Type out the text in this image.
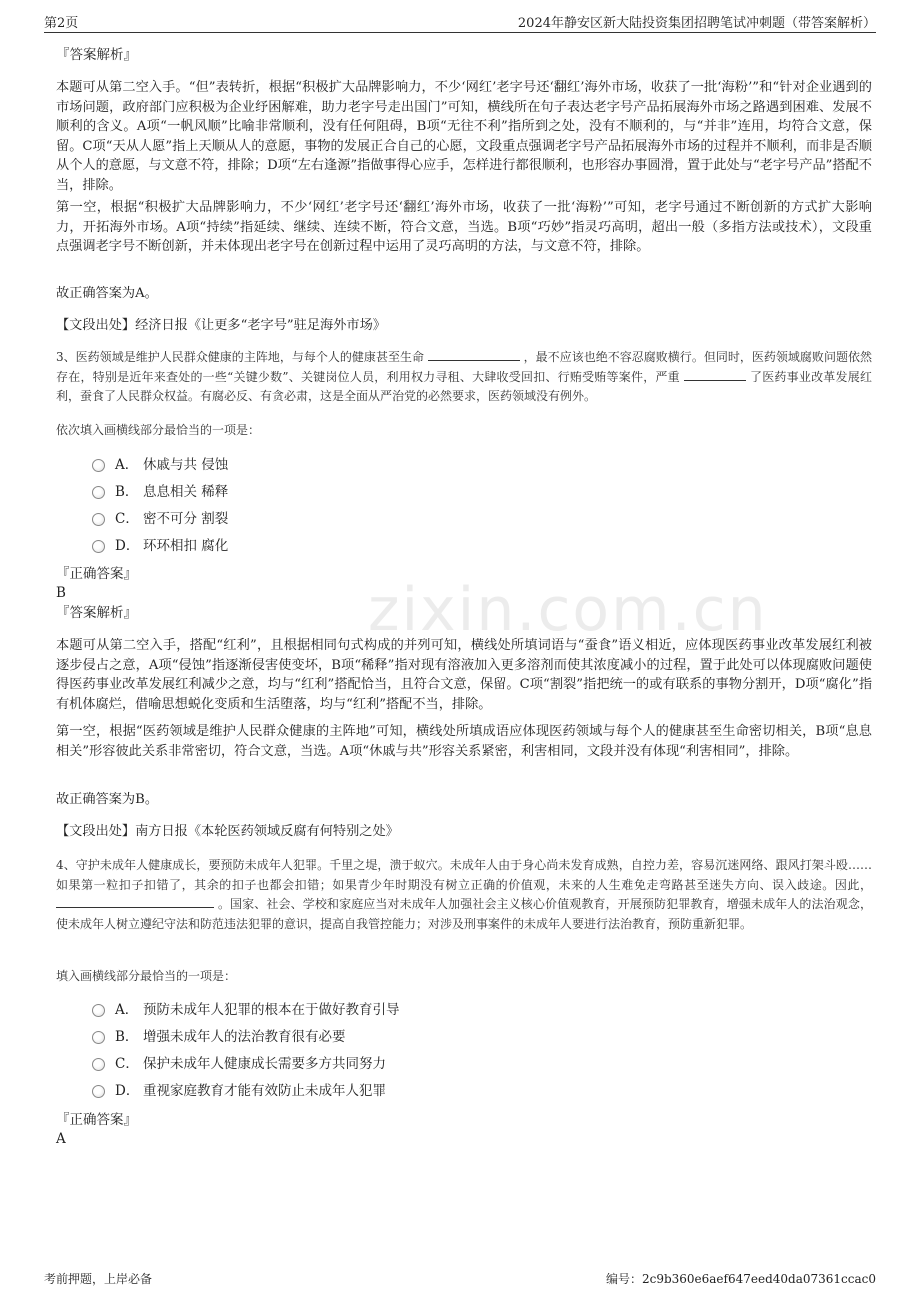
第2页	2024年静安区新大陆投资集团招聘笔试冲刺题（带答案解析）
zixin.com.cn
『答案解析』
本题可从第二空入手。“但”表转折，根据“积极扩大品牌影响力，不少‘网红’老字号还‘翻红’海外市场，收获了一批‘海粉’”和“针对企业遇到的市场问题，政府部门应积极为企业纾困解难，助力老字号走出国门”可知，横线所在句子表达老字号产品拓展海外市场之路遇到困难、发展不顺利的含义。A项“一帆风顺”比喻非常顺利，没有任何阻碍，B项“无往不利”指所到之处，没有不顺利的，与“并非”连用，均符合文意，保留。C项“天从人愿”指上天顺从人的意愿，事物的发展正合自己的心愿，文段重点强调老字号产品拓展海外市场的过程并不顺利，而非是否顺从个人的意愿，与文意不符，排除；D项“左右逢源”指做事得心应手，怎样进行都很顺利，也形容办事圆滑，置于此处与“老字号产品”搭配不当，排除。
第一空，根据“积极扩大品牌影响力，不少‘网红’老字号还‘翻红’海外市场，收获了一批‘海粉’”可知，老字号通过不断创新的方式扩大影响力，开拓海外市场。A项“持续”指延续、继续、连续不断，符合文意，当选。B项“巧妙”指灵巧高明，超出一般（多指方法或技术），文段重点强调老字号不断创新，并未体现出老字号在创新过程中运用了灵巧高明的方法，与文意不符，排除。
故正确答案为A。
【文段出处】经济日报《让更多“老字号”驻足海外市场》
3、医药领域是维护人民群众健康的主阵地，与每个人的健康甚至生命	，最不应该也绝不容忍腐败横行。但同时，医药领域腐败问题依然存在，特别是近年来查处的一些“关键少数”、关键岗位人员，利用权力寻租、大肆收受回扣、行贿受贿等案件，严重	了医药事业改革发展红利，蚕食了人民群众权益。有腐必反、有贪必肃，这是全面从严治党的必然要求，医药领域没有例外。
依次填入画横线部分最恰当的一项是：
A． 休戚与共 侵蚀
B． 息息相关 稀释
C． 密不可分 割裂
D． 环环相扣 腐化
『正确答案』
B
『答案解析』
本题可从第二空入手，搭配“红利”，且根据相同句式构成的并列可知，横线处所填词语与“蚕食”语义相近，应体现医药事业改革发展红利被逐步侵占之意，A项“侵蚀”指逐渐侵害使变坏，B项“稀释”指对现有溶液加入更多溶剂而使其浓度减小的过程，置于此处可以体现腐败问题使得医药事业改革发展红利减少之意，均与“红利”搭配恰当，且符合文意，保留。C项“割裂”指把统一的或有联系的事物分割开，D项“腐化”指有机体腐烂，借喻思想蜕化变质和生活堕落，均与“红利”搭配不当，排除。
第一空，根据“医药领域是维护人民群众健康的主阵地”可知，横线处所填成语应体现医药领域与每个人的健康甚至生命密切相关，B项“息息相关”形容彼此关系非常密切，符合文意，当选。A项“休戚与共”形容关系紧密，利害相同，文段并没有体现“利害相同”，排除。
故正确答案为B。
【文段出处】南方日报《本轮医药领域反腐有何特别之处》
4、守护未成年人健康成长，要预防未成年人犯罪。千里之堤，溃于蚁穴。未成年人由于身心尚未发育成熟，自控力差，容易沉迷网络、跟风打架斗殴……如果第一粒扣子扣错了，其余的扣子也都会扣错；如果青少年时期没有树立正确的价值观，未来的人生难免走弯路甚至迷失方向、误入歧途。因此，  。国家、社会、学校和家庭应当对未成年人加强社会主义核心价值观教育，开展预防犯罪教育，增强未成年人的法治观念，使未成年人树立遵纪守法和防范违法犯罪的意识，提高自我管控能力；对涉及刑事案件的未成年人要进行法治教育，预防重新犯罪。
填入画横线部分最恰当的一项是：
A． 预防未成年人犯罪的根本在于做好教育引导
B． 增强未成年人的法治教育很有必要
C． 保护未成年人健康成长需要多方共同努力
D． 重视家庭教育才能有效防止未成年人犯罪
『正确答案』
A
考前押题，上岸必备	编号：2c9b360e6aef647eed40da07361ccac0
